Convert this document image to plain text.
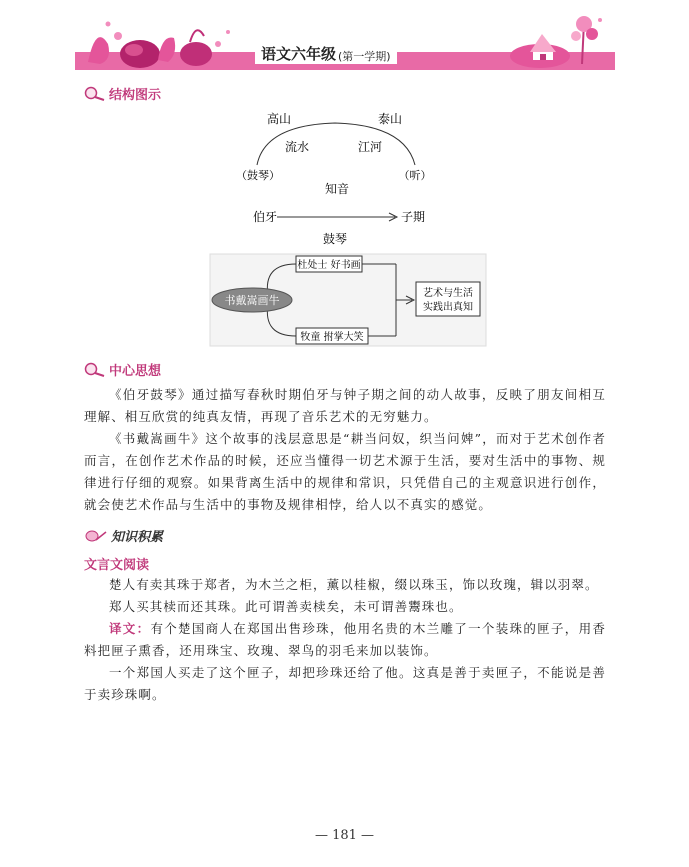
语文六年级 (第一学期)
结构图示
高山	泰山
流水	江河
（鼓琴）	（听）
知音
伯牙	子期
鼓琴
书戴嵩画牛
杜处士 好书画
牧童 拊掌大笑
艺术与生活
实践出真知
中心思想

《伯牙鼓琴》通过描写春秋时期伯牙与钟子期之间的动人故事，反映了朋友间相互理解、相互欣赏的纯真友情，再现了音乐艺术的无穷魅力。

《书戴嵩画牛》这个故事的浅层意思是“耕当问奴，织当问婢”，而对于艺术创作者而言，在创作艺术作品的时候，还应当懂得一切艺术源于生活，要对生活中的事物、规律进行仔细的观察。如果背离生活中的规律和常识，只凭借自己的主观意识进行创作，就会使艺术作品与生活中的事物及规律相悖，给人以不真实的感觉。

知识积累
文言文阅读

楚人有卖其珠于郑者，为木兰之柜，薰以桂椒，缀以珠玉，饰以玫瑰，辑以羽翠。

郑人买其椟而还其珠。此可谓善卖椟矣，未可谓善鬻珠也。

译文：有个楚国商人在郑国出售珍珠，他用名贵的木兰雕了一个装珠的匣子，用香料把匣子熏香，还用珠宝、玫瑰、翠鸟的羽毛来加以装饰。

一个郑国人买走了这个匣子，却把珍珠还给了他。这真是善于卖匣子，不能说是善于卖珍珠啊。

— 181 —
